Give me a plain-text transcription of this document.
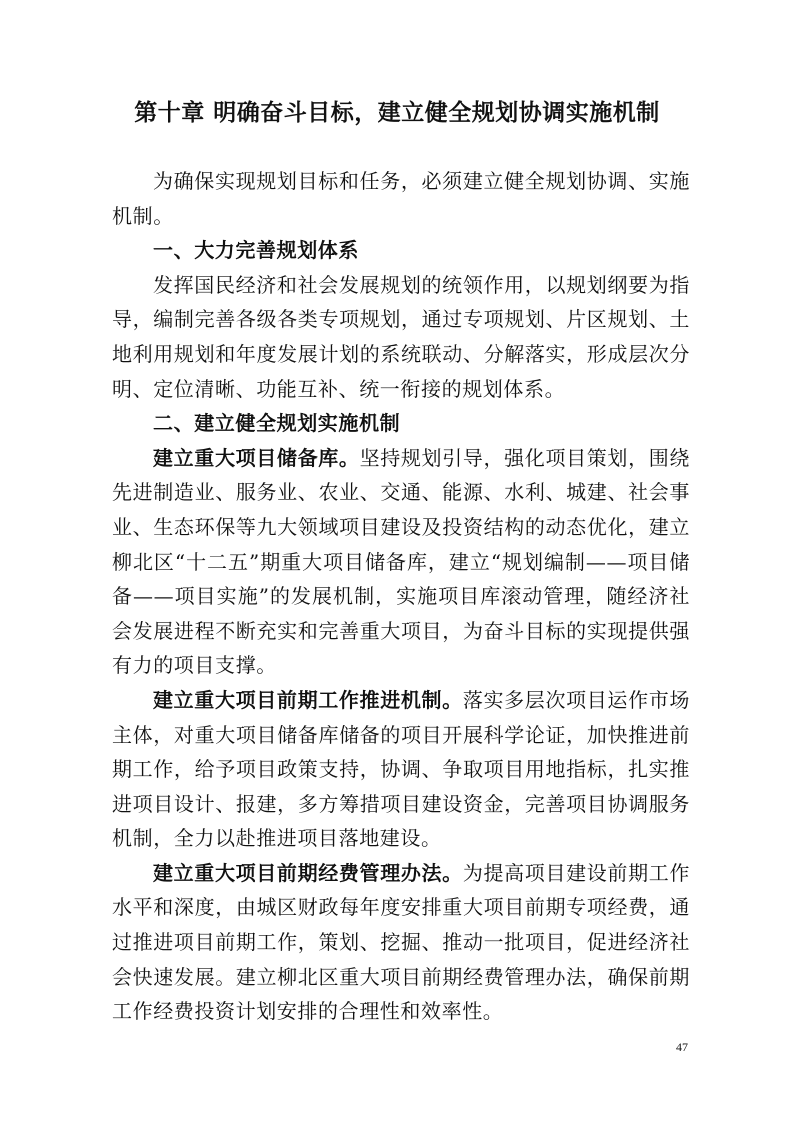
第十章 明确奋斗目标，建立健全规划协调实施机制

为确保实现规划目标和任务，必须建立健全规划协调、实施机制。

一、大力完善规划体系

发挥国民经济和社会发展规划的统领作用，以规划纲要为指导，编制完善各级各类专项规划，通过专项规划、片区规划、土地利用规划和年度发展计划的系统联动、分解落实，形成层次分明、定位清晰、功能互补、统一衔接的规划体系。

二、建立健全规划实施机制

建立重大项目储备库。坚持规划引导，强化项目策划，围绕先进制造业、服务业、农业、交通、能源、水利、城建、社会事业、生态环保等九大领域项目建设及投资结构的动态优化，建立柳北区“十二五”期重大项目储备库，建立“规划编制——项目储备——项目实施”的发展机制，实施项目库滚动管理，随经济社会发展进程不断充实和完善重大项目，为奋斗目标的实现提供强有力的项目支撑。

建立重大项目前期工作推进机制。落实多层次项目运作市场主体，对重大项目储备库储备的项目开展科学论证，加快推进前期工作，给予项目政策支持，协调、争取项目用地指标，扎实推进项目设计、报建，多方筹措项目建设资金，完善项目协调服务机制，全力以赴推进项目落地建设。

建立重大项目前期经费管理办法。为提高项目建设前期工作水平和深度，由城区财政每年度安排重大项目前期专项经费，通过推进项目前期工作，策划、挖掘、推动一批项目，促进经济社会快速发展。建立柳北区重大项目前期经费管理办法，确保前期工作经费投资计划安排的合理性和效率性。

47
